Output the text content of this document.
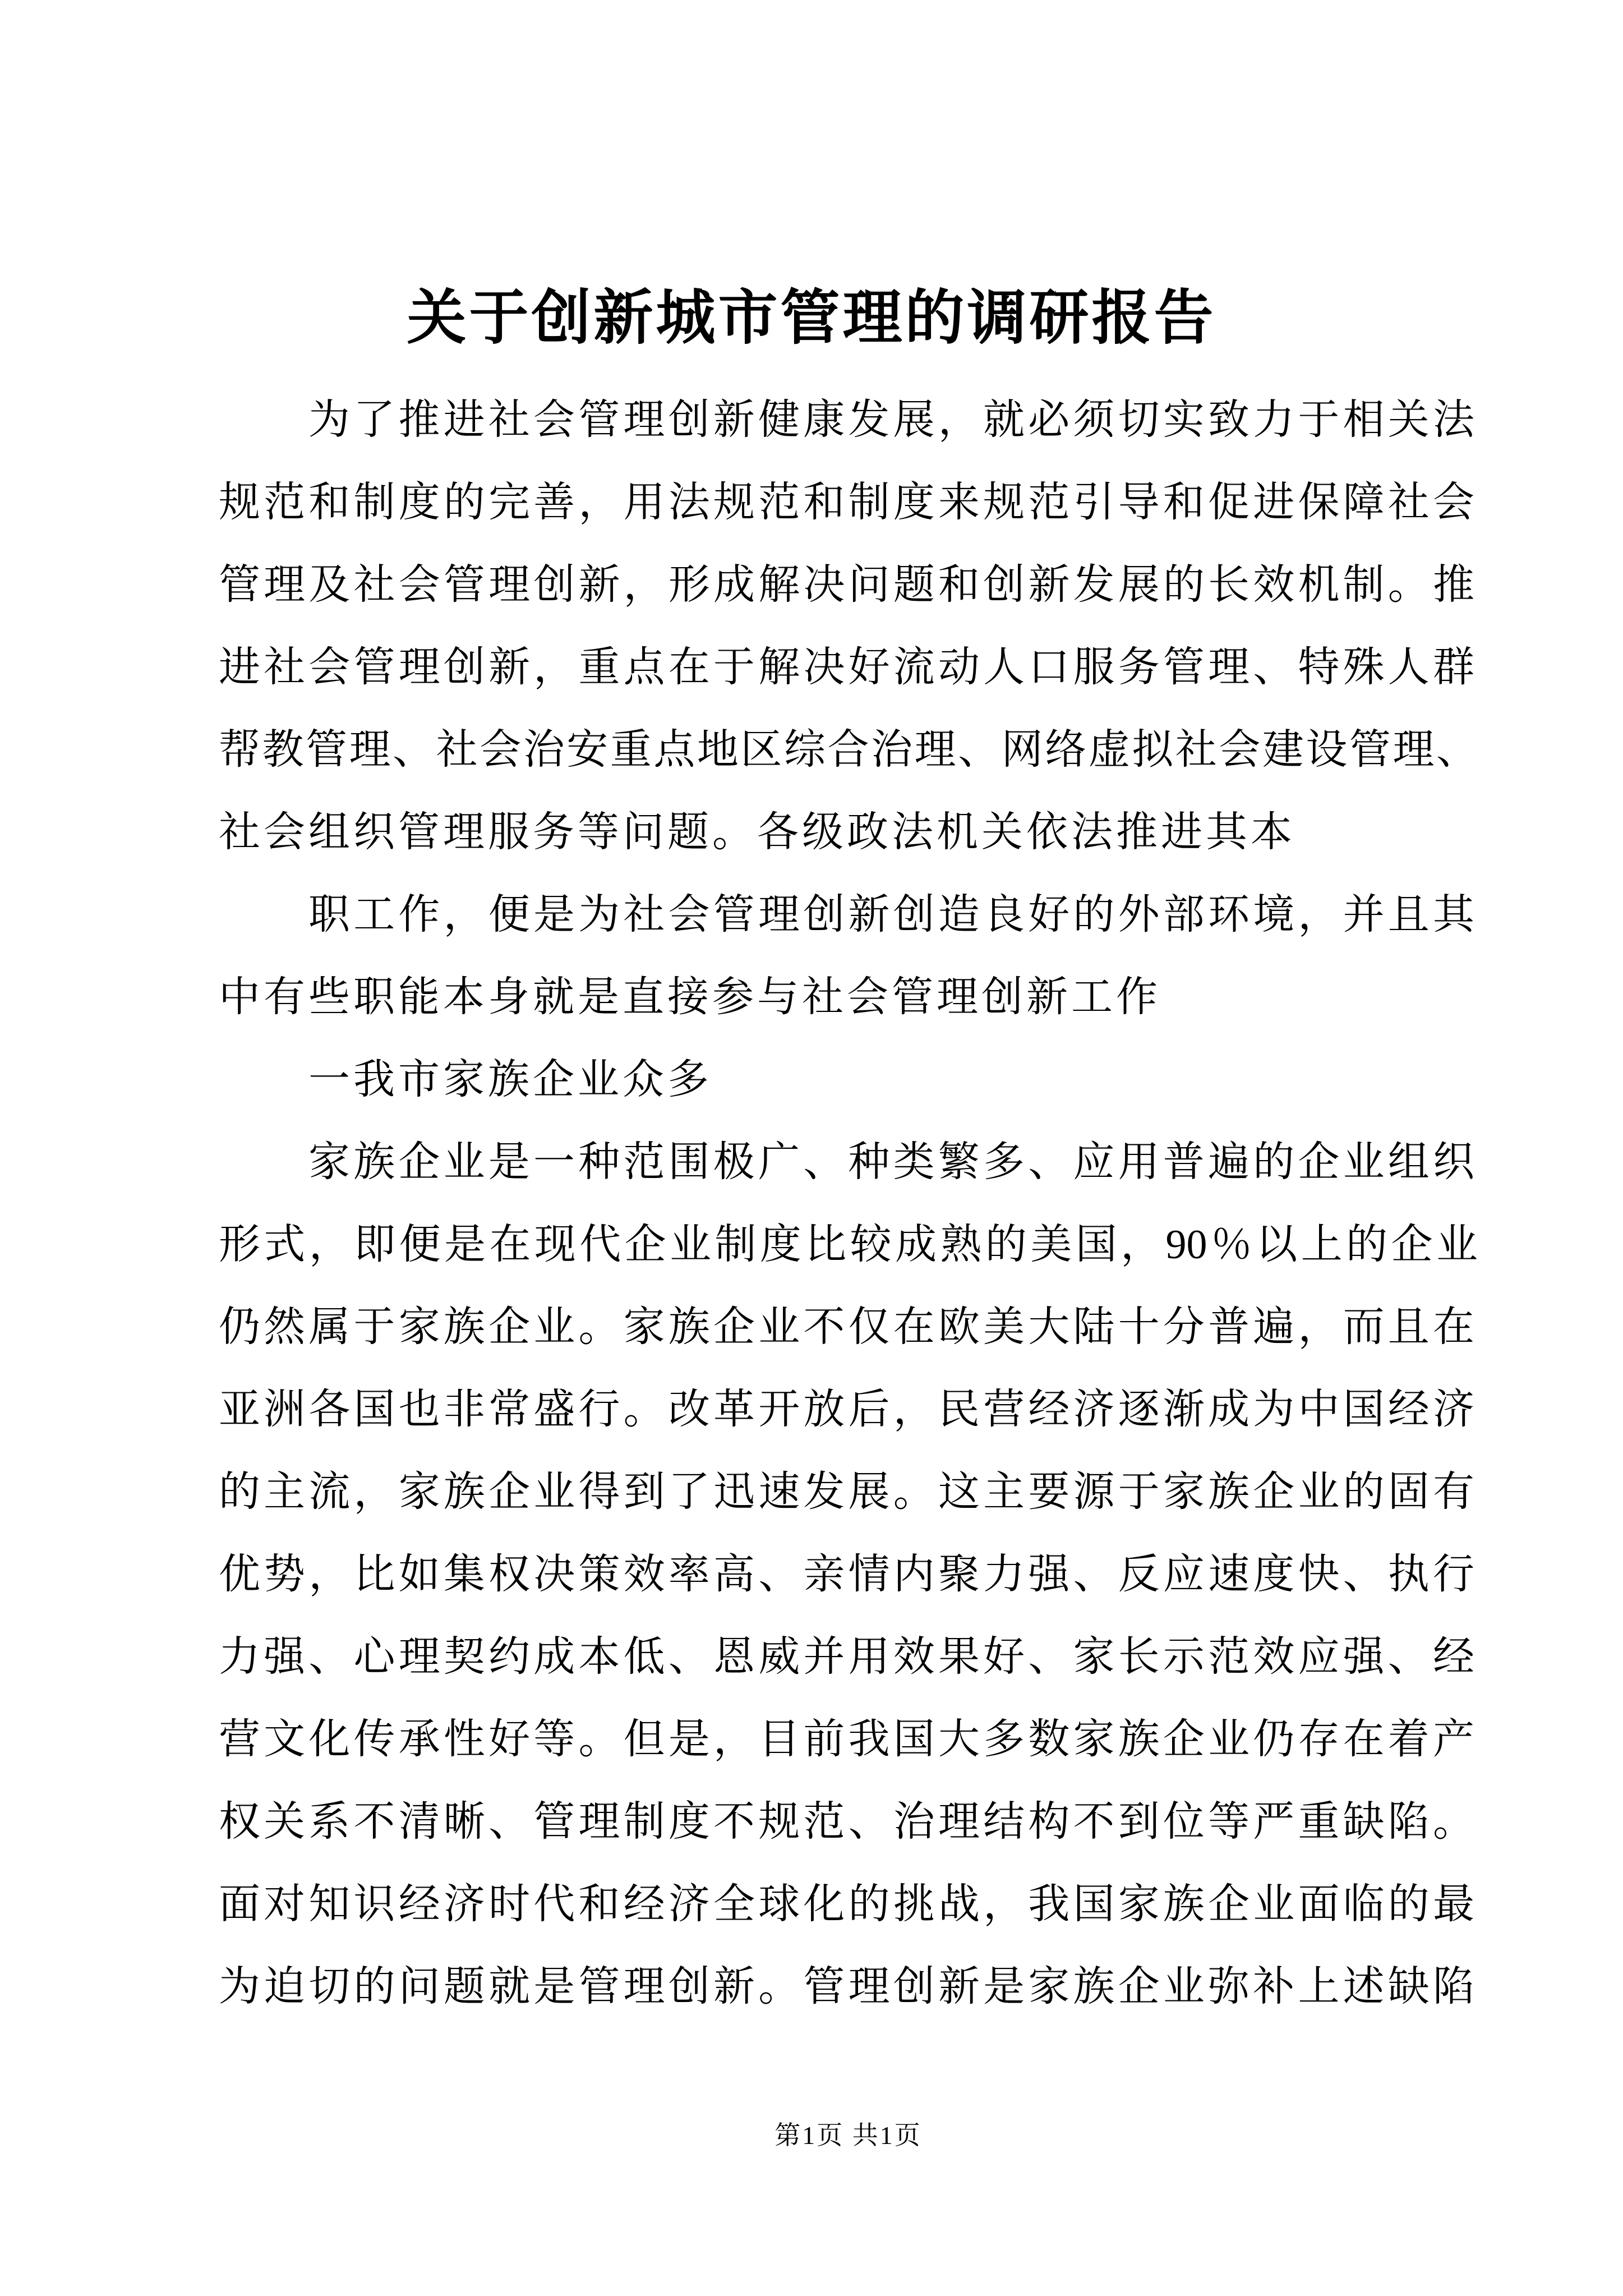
关于创新城市管理的调研报告
为了推进社会管理创新健康发展，就必须切实致力于相关法
规范和制度的完善，用法规范和制度来规范引导和促进保障社会
管理及社会管理创新，形成解决问题和创新发展的长效机制。推
进社会管理创新，重点在于解决好流动人口服务管理、特殊人群
帮教管理、社会治安重点地区综合治理、网络虚拟社会建设管理、
社会组织管理服务等问题。各级政法机关依法推进其本
职工作，便是为社会管理创新创造良好的外部环境，并且其
中有些职能本身就是直接参与社会管理创新工作
一我市家族企业众多
家族企业是一种范围极广、种类繁多、应用普遍的企业组织
形式，即便是在现代企业制度比较成熟的美国，90％以上的企业
仍然属于家族企业。家族企业不仅在欧美大陆十分普遍，而且在
亚洲各国也非常盛行。改革开放后，民营经济逐渐成为中国经济
的主流，家族企业得到了迅速发展。这主要源于家族企业的固有
优势，比如集权决策效率高、亲情内聚力强、反应速度快、执行
力强、心理契约成本低、恩威并用效果好、家长示范效应强、经
营文化传承性好等。但是，目前我国大多数家族企业仍存在着产
权关系不清晰、管理制度不规范、治理结构不到位等严重缺陷。
面对知识经济时代和经济全球化的挑战，我国家族企业面临的最
为迫切的问题就是管理创新。管理创新是家族企业弥补上述缺陷
第1页 共1页
